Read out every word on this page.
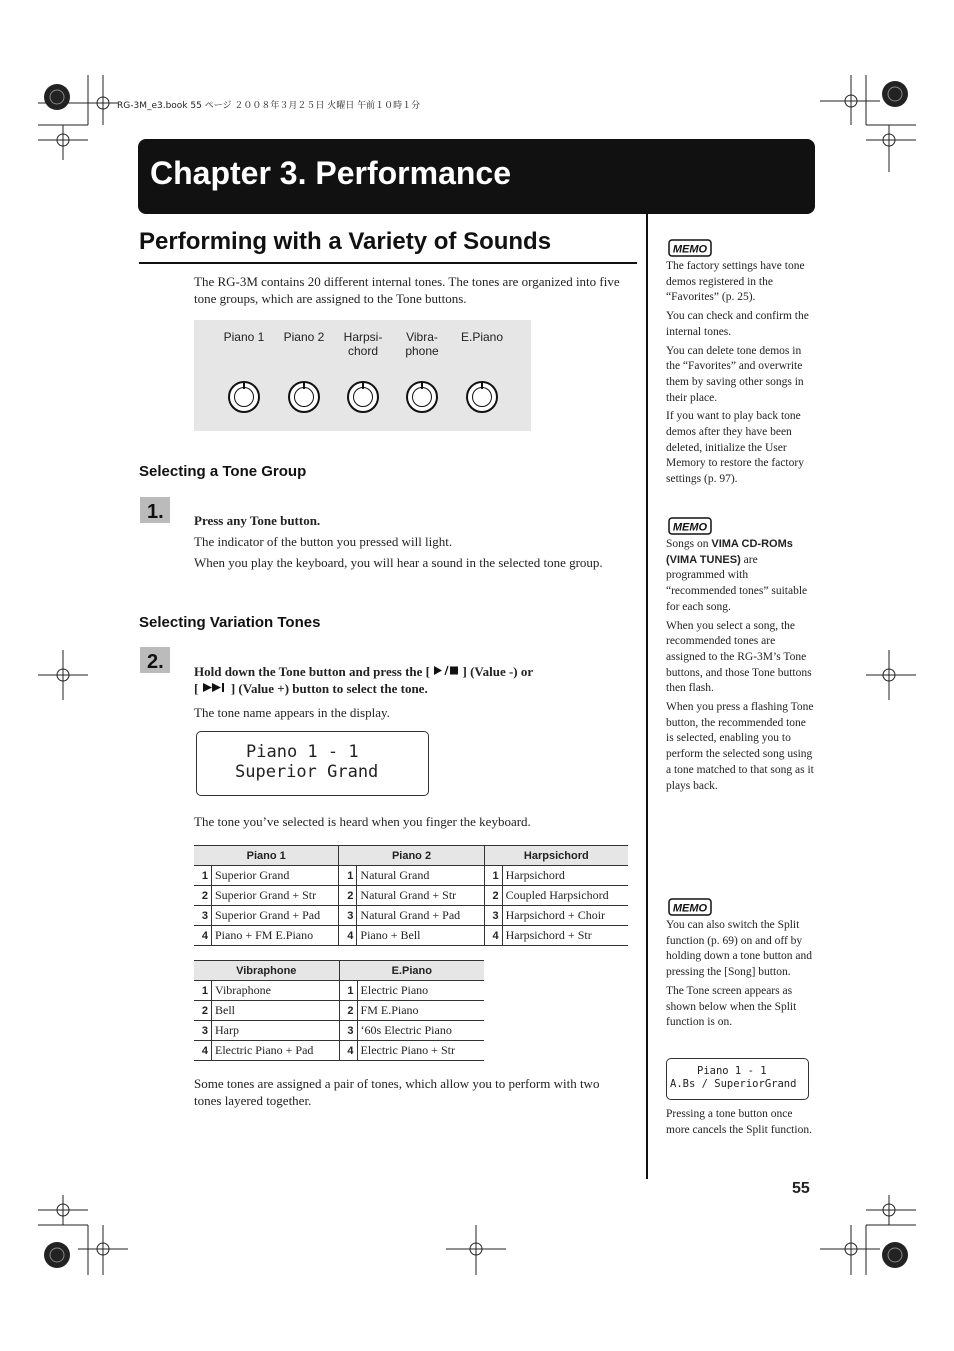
RG-3M_e3.book 55 ページ ２００８年３月２５日 火曜日 午前１０時１分
Chapter 3. Performance
Performing with a Variety of Sounds
The RG-3M contains 20 different internal tones. The tones are organized into five tone groups, which are assigned to the Tone buttons.
Piano 1	Piano 2	Harpsi-
chord
Vibra-
phone
E.Piano
Selecting a Tone Group
1. Press any Tone button.
The indicator of the button you pressed will light.
When you play the keyboard, you will hear a sound in the selected tone group.
Selecting Variation Tones
2. Hold down the Tone button and press the [	] (Value -) or
[	] (Value +) button to select the tone.
The tone name appears in the display.
Piano 1 - 1
Superior Grand
The tone you’ve selected is heard when you finger the keyboard.
Piano 1		Piano 2		Harpsichord	
1	Superior Grand	1	Natural Grand	1	Harpsichord
2	Superior Grand + Str	2	Natural Grand + Str	2	Coupled Harpsichord
3	Superior Grand + Pad	3	Natural Grand + Pad	3	Harpsichord + Choir
4	Piano + FM E.Piano	4	Piano + Bell	4	Harpsichord + Str
Vibraphone		E.Piano	
1	Vibraphone	1	Electric Piano
2	Bell	2	FM E.Piano
3	Harp	3	‘60s Electric Piano
4	Electric Piano + Pad	4	Electric Piano + Str
Some tones are assigned a pair of tones, which allow you to perform with two tones layered together.
MEMO

The factory settings have tone demos registered in the “Favorites” (p. 25).

You can check and confirm the internal tones.

You can delete tone demos in the “Favorites” and overwrite them by saving other songs in their place.

If you want to play back tone demos after they have been deleted, initialize the User Memory to restore the factory settings (p. 97).

MEMO

Songs on VIMA CD-ROMs (VIMA TUNES) are programmed with “recommended tones” suitable for each song.

When you select a song, the recommended tones are assigned to the RG-3M’s Tone buttons, and those Tone buttons then flash.

When you press a flashing Tone button, the recommended tone is selected, enabling you to perform the selected song using a tone matched to that song as it plays back.

MEMO

You can also switch the Split function (p. 69) on and off by holding down a tone button and pressing the [Song] button.

The Tone screen appears as shown below when the Split function is on.

Piano 1 - 1
A.Bs / SuperiorGrand
Pressing a tone button once more cancels the Split function.
55
